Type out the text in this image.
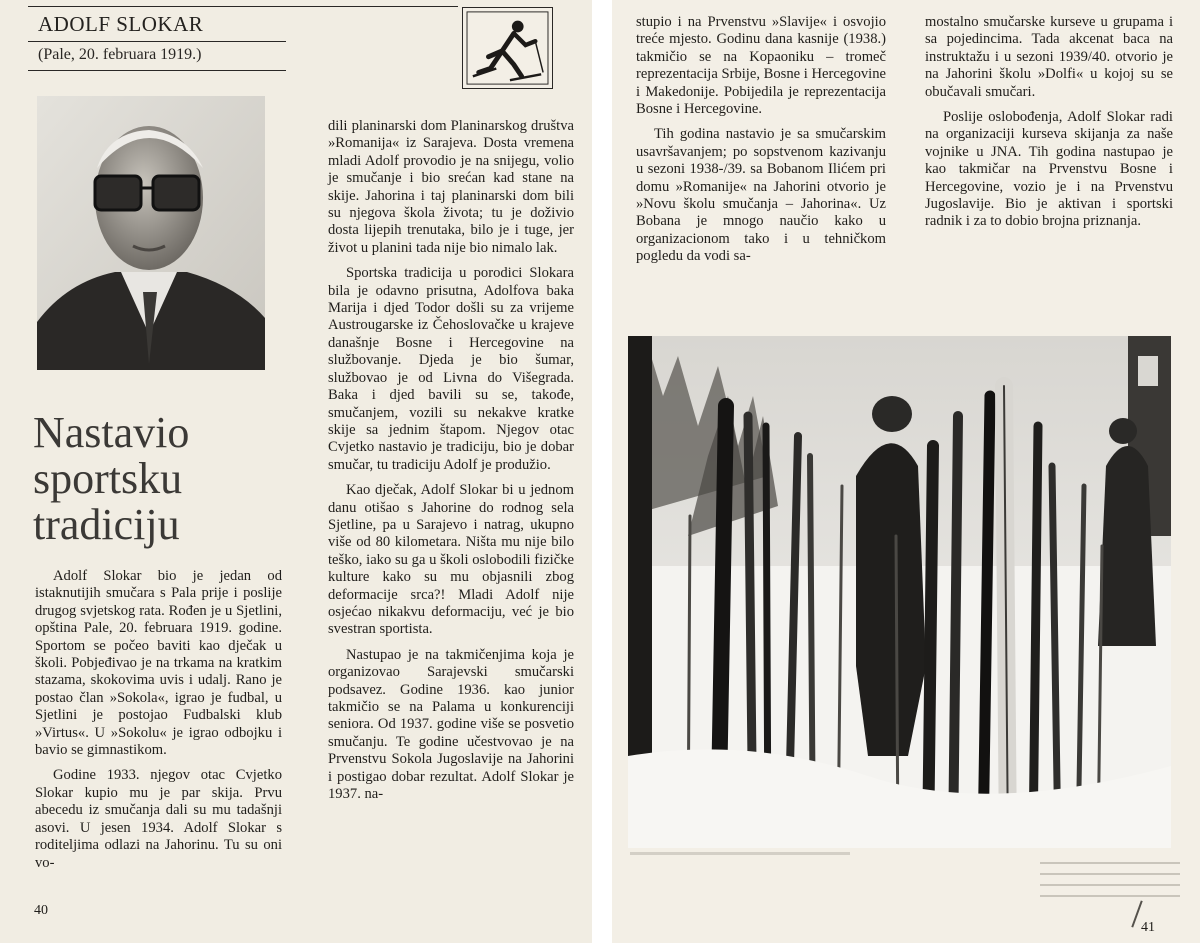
ADOLF SLOKAR
(Pale, 20. februara 1919.)
Nastavio
sportsku
tradiciju

Adolf Slokar bio je jedan od istaknutijih smučara s Pala prije i poslije drugog svjetskog rata. Rođen je u Sjetlini, opština Pale, 20. februara 1919. godine. Sportom se počeo baviti kao dječak u školi. Pobjeđivao je na trkama na kratkim stazama, skokovima uvis i udalj. Rano je postao član »Sokola«, igrao je fudbal, u Sjetlini je postojao Fudbalski klub »Virtus«. U »Sokolu« je igrao odbojku i bavio se gimnastikom.

Godine 1933. njegov otac Cvjetko Slokar kupio mu je par skija. Prvu abecedu iz smučanja dali su mu tadašnji asovi. U jesen 1934. Adolf Slokar s roditeljima odlazi na Jahorinu. Tu su oni vo-

dili planinarski dom Planinarskog društva »Romanija« iz Sarajeva. Dosta vremena mladi Adolf provodio je na snijegu, volio je smučanje i bio srećan kad stane na skije. Jahorina i taj planinarski dom bili su njegova škola života; tu je doživio dosta lijepih trenutaka, bilo je i tuge, jer život u planini tada nije bio nimalo lak.

Sportska tradicija u porodici Slokara bila je odavno prisutna, Adolfova baka Marija i djed Todor došli su za vrijeme Austrougarske iz Čehoslovačke u krajeve današnje Bosne i Hercegovine na službovanje. Djeda je bio šumar, službovao je od Livna do Višegrada. Baka i djed bavili su se, takođe, smučanjem, vozili su nekakve kratke skije sa jednim štapom. Njegov otac Cvjetko nastavio je tradiciju, bio je dobar smučar, tu tradiciju Adolf je produžio.

Kao dječak, Adolf Slokar bi u jednom danu otišao s Jahorine do rodnog sela Sjetline, pa u Sarajevo i natrag, ukupno više od 80 kilometara. Ništa mu nije bilo teško, iako su ga u školi oslobodili fizičke kulture kako su mu objasnili zbog deformacije srca?! Mladi Adolf nije osjećao nikakvu deformaciju, već je bio svestran sportista.

Nastupao je na takmičenjima koja je organizovao Sarajevski smučarski podsavez. Godine 1936. kao junior takmičio se na Palama u konkurenciji seniora. Od 1937. godine više se posvetio smučanju. Te godine učestvovao je na Prvenstvu Sokola Jugoslavije na Jahorini i postigao dobar rezultat. Adolf Slokar je 1937. na-

40

stupio i na Prvenstvu »Slavije« i osvojio treće mjesto. Godinu dana kasnije (1938.) takmičio se na Kopaoniku – tromeč reprezentacija Srbije, Bosne i Hercegovine i Makedonije. Pobijedila je reprezentacija Bosne i Hercegovine.

Tih godina nastavio je sa smučarskim usavršavanjem; po sopstvenom kazivanju u sezoni 1938-/39. sa Bobanom Ilićem pri domu »Romanije« na Jahorini otvorio je »Novu školu smučanja – Jahorina«. Uz Bobana je mnogo naučio kako u organizacionom tako i u tehničkom pogledu da vodi sa-

mostalno smučarske kurseve u grupama i sa pojedincima. Tada akcenat baca na instruktažu i u sezoni 1939/40. otvorio je na Jahorini školu »Dolfi« u kojoj su se obučavali smučari.

Poslije oslobođenja, Adolf Slokar radi na organizaciji kurseva skijanja za naše vojnike u JNA. Tih godina nastupao je kao takmičar na Prvenstvu Bosne i Hercegovine, vozio je i na Prvenstvu Jugoslavije. Bio je aktivan i sportski radnik i za to dobio brojna priznanja.

41
